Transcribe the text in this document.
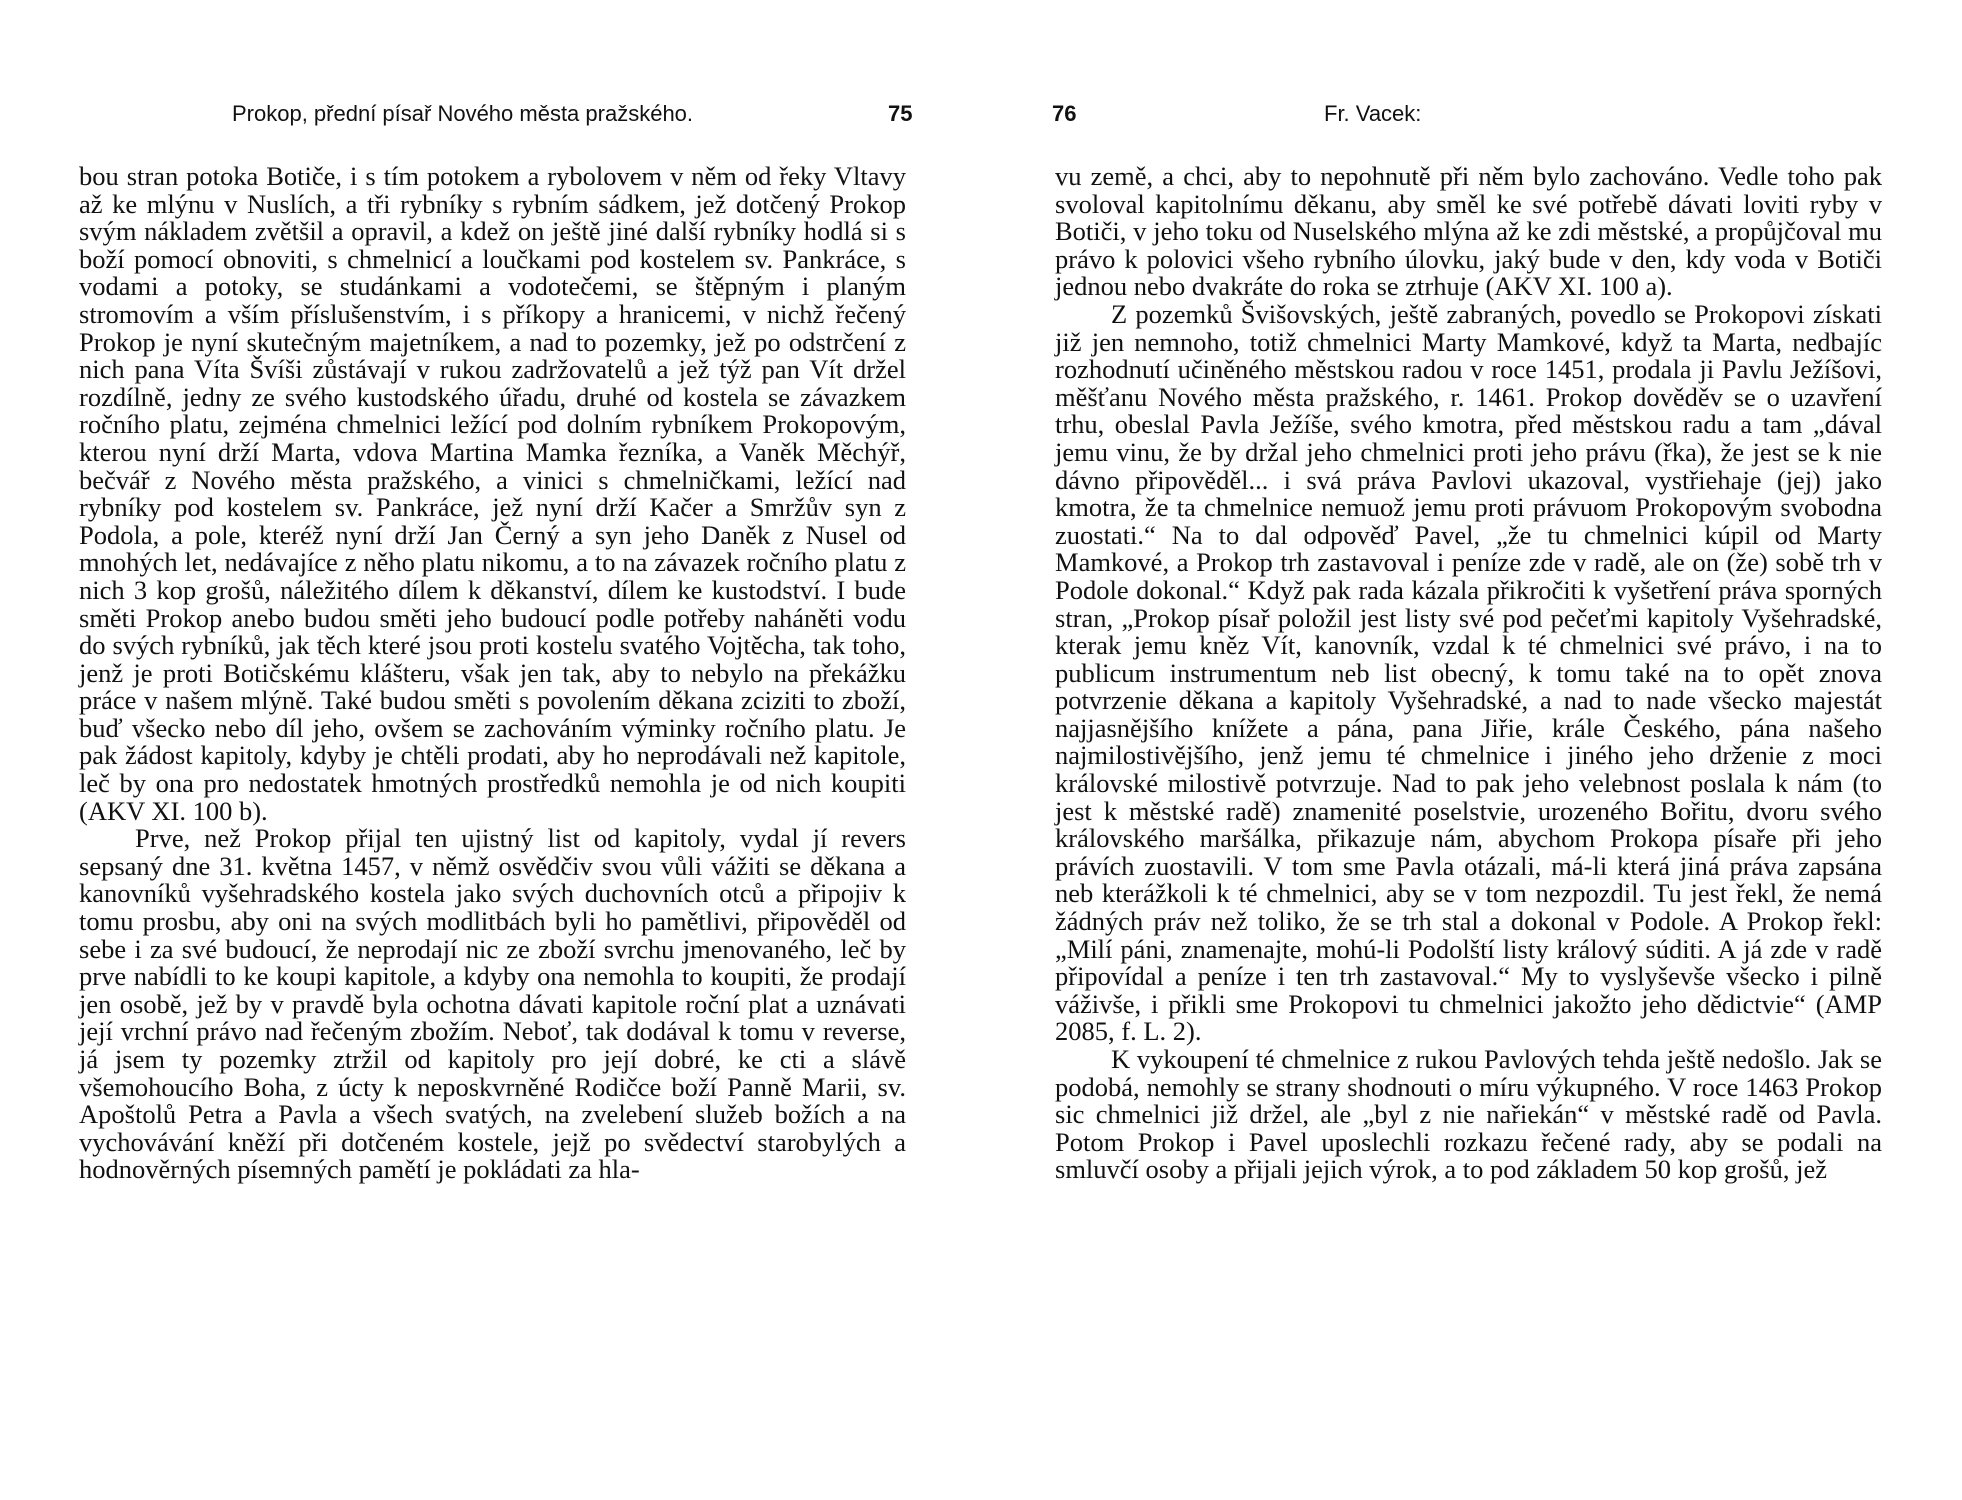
Prokop, přední písař Nového města pražského.	75

bou stran potoka Botiče, i s tím potokem a rybolovem v něm od řeky Vltavy až ke mlýnu v Nuslích, a tři rybníky s rybním sádkem, jež dotčený Prokop svým nákladem zvětšil a opravil, a kdež on ještě jiné další rybníky hodlá si s boží pomocí obnoviti, s chmelnicí a loučkami pod kostelem sv. Pankráce, s vodami a potoky, se studánkami a vodotečemi, se štěpným i planým stromovím a vším příslušenstvím, i s příkopy a hranicemi, v nichž řečený Prokop je nyní skutečným majetníkem, a nad to pozemky, jež po odstrčení z nich pana Víta Švíši zůstávají v rukou zadržovatelů a jež týž pan Vít držel rozdílně, jedny ze svého kustodského úřadu, druhé od kostela se závazkem ročního platu, zejména chmelnici ležící pod dolním rybníkem Prokopovým, kterou nyní drží Marta, vdova Martina Mamka řezníka, a Vaněk Měchýř, bečvář z Nového města pražského, a vinici s chmelničkami, ležící nad rybníky pod kostelem sv. Pankráce, jež nyní drží Kačer a Smržův syn z Podola, a pole, kteréž nyní drží Jan Černý a syn jeho Daněk z Nusel od mnohých let, nedávajíce z něho platu nikomu, a to na závazek ročního platu z nich 3 kop grošů, náležitého dílem k děkanství, dílem ke kustodství. I bude směti Prokop anebo budou směti jeho budoucí podle potřeby naháněti vodu do svých rybníků, jak těch které jsou proti kostelu svatého Vojtěcha, tak toho, jenž je proti Botičskému klášteru, však jen tak, aby to nebylo na překážku práce v našem mlýně. Také budou směti s povolením děkana zciziti to zboží, buď všecko nebo díl jeho, ovšem se zachováním výminky ročního platu. Je pak žádost kapitoly, kdyby je chtěli prodati, aby ho neprodávali než kapitole, leč by ona pro nedostatek hmotných prostředků nemohla je od nich koupiti (AKV XI. 100 b).

Prve, než Prokop přijal ten ujistný list od kapitoly, vydal jí revers sepsaný dne 31. května 1457, v němž osvědčiv svou vůli vážiti se děkana a kanovníků vyšehradského kostela jako svých duchovních otců a připojiv k tomu prosbu, aby oni na svých modlitbách byli ho pamětlivi, připověděl od sebe i za své budoucí, že neprodají nic ze zboží svrchu jmenovaného, leč by prve nabídli to ke koupi kapitole, a kdyby ona nemohla to koupiti, že prodají jen osobě, jež by v pravdě byla ochotna dávati kapitole roční plat a uznávati její vrchní právo nad řečeným zbožím. Neboť, tak dodával k tomu v reverse, já jsem ty pozemky ztržil od kapitoly pro její dobré, ke cti a slávě všemohoucího Boha, z úcty k neposkvrněné Rodičce boží Panně Marii, sv. Apoštolů Petra a Pavla a všech svatých, na zvelebení služeb božích a na vychovávání kněží při dotčeném kostele, jejž po svědectví starobylých a hodnověrných písemných pamětí je pokládati za hla-

76	Fr. Vacek:

vu země, a chci, aby to nepohnutě při něm bylo zachováno. Vedle toho pak svoloval kapitolnímu děkanu, aby směl ke své potřebě dávati loviti ryby v Botiči, v jeho toku od Nuselského mlýna až ke zdi městské, a propůjčoval mu právo k polovici všeho rybního úlovku, jaký bude v den, kdy voda v Botiči jednou nebo dvakráte do roka se ztrhuje (AKV XI. 100 a).

Z pozemků Švišovských, ještě zabraných, povedlo se Prokopovi získati již jen nemnoho, totiž chmelnici Marty Mamkové, když ta Marta, nedbajíc rozhodnutí učiněného městskou radou v roce 1451, prodala ji Pavlu Ježíšovi, měšťanu Nového města pražského, r. 1461. Prokop dověděv se o uzavření trhu, obeslal Pavla Ježíše, svého kmotra, před městskou radu a tam „dával jemu vinu, že by držal jeho chmelnici proti jeho právu (řka), že jest se k nie dávno připověděl... i svá práva Pavlovi ukazoval, vystřiehaje (jej) jako kmotra, že ta chmelnice nemuož jemu proti právuom Prokopovým svobodna zuostati.“ Na to dal odpověď Pavel, „že tu chmelnici kúpil od Marty Mamkové, a Prokop trh zastavoval i peníze zde v radě, ale on (že) sobě trh v Podole dokonal.“ Když pak rada kázala přikročiti k vyšetření práva sporných stran, „Prokop písař položil jest listy své pod pečeťmi kapitoly Vyšehradské, kterak jemu kněz Vít, kanovník, vzdal k té chmelnici své právo, i na to publicum instrumentum neb list obecný, k tomu také na to opět znova potvrzenie děkana a kapitoly Vyšehradské, a nad to nade všecko majestát najjasnějšího knížete a pána, pana Jiřie, krále Českého, pána našeho najmilostivějšího, jenž jemu té chmelnice i jiného jeho drženie z moci královské milostivě potvrzuje. Nad to pak jeho velebnost poslala k nám (to jest k městské radě) znamenité poselstvie, urozeného Bořitu, dvoru svého královského maršálka, přikazuje nám, abychom Prokopa písaře při jeho právích zuostavili. V tom sme Pavla otázali, má-li která jiná práva zapsána neb kterážkoli k té chmelnici, aby se v tom nezpozdil. Tu jest řekl, že nemá žádných práv než toliko, že se trh stal a dokonal v Podole. A Prokop řekl: „Milí páni, znamenajte, mohú-li Podolští listy králový súditi. A já zde v radě připovídal a peníze i ten trh zastavoval.“ My to vyslyševše všecko i pilně váživše, i přikli sme Prokopovi tu chmelnici jakožto jeho dědictvie“ (AMP 2085, f. L. 2).

K vykoupení té chmelnice z rukou Pavlových tehda ještě nedošlo. Jak se podobá, nemohly se strany shodnouti o míru výkupného. V roce 1463 Prokop sic chmelnici již držel, ale „byl z nie nařiekán“ v městské radě od Pavla. Potom Prokop i Pavel uposlechli rozkazu řečené rady, aby se podali na smluvčí osoby a přijali jejich výrok, a to pod základem 50 kop grošů, jež
